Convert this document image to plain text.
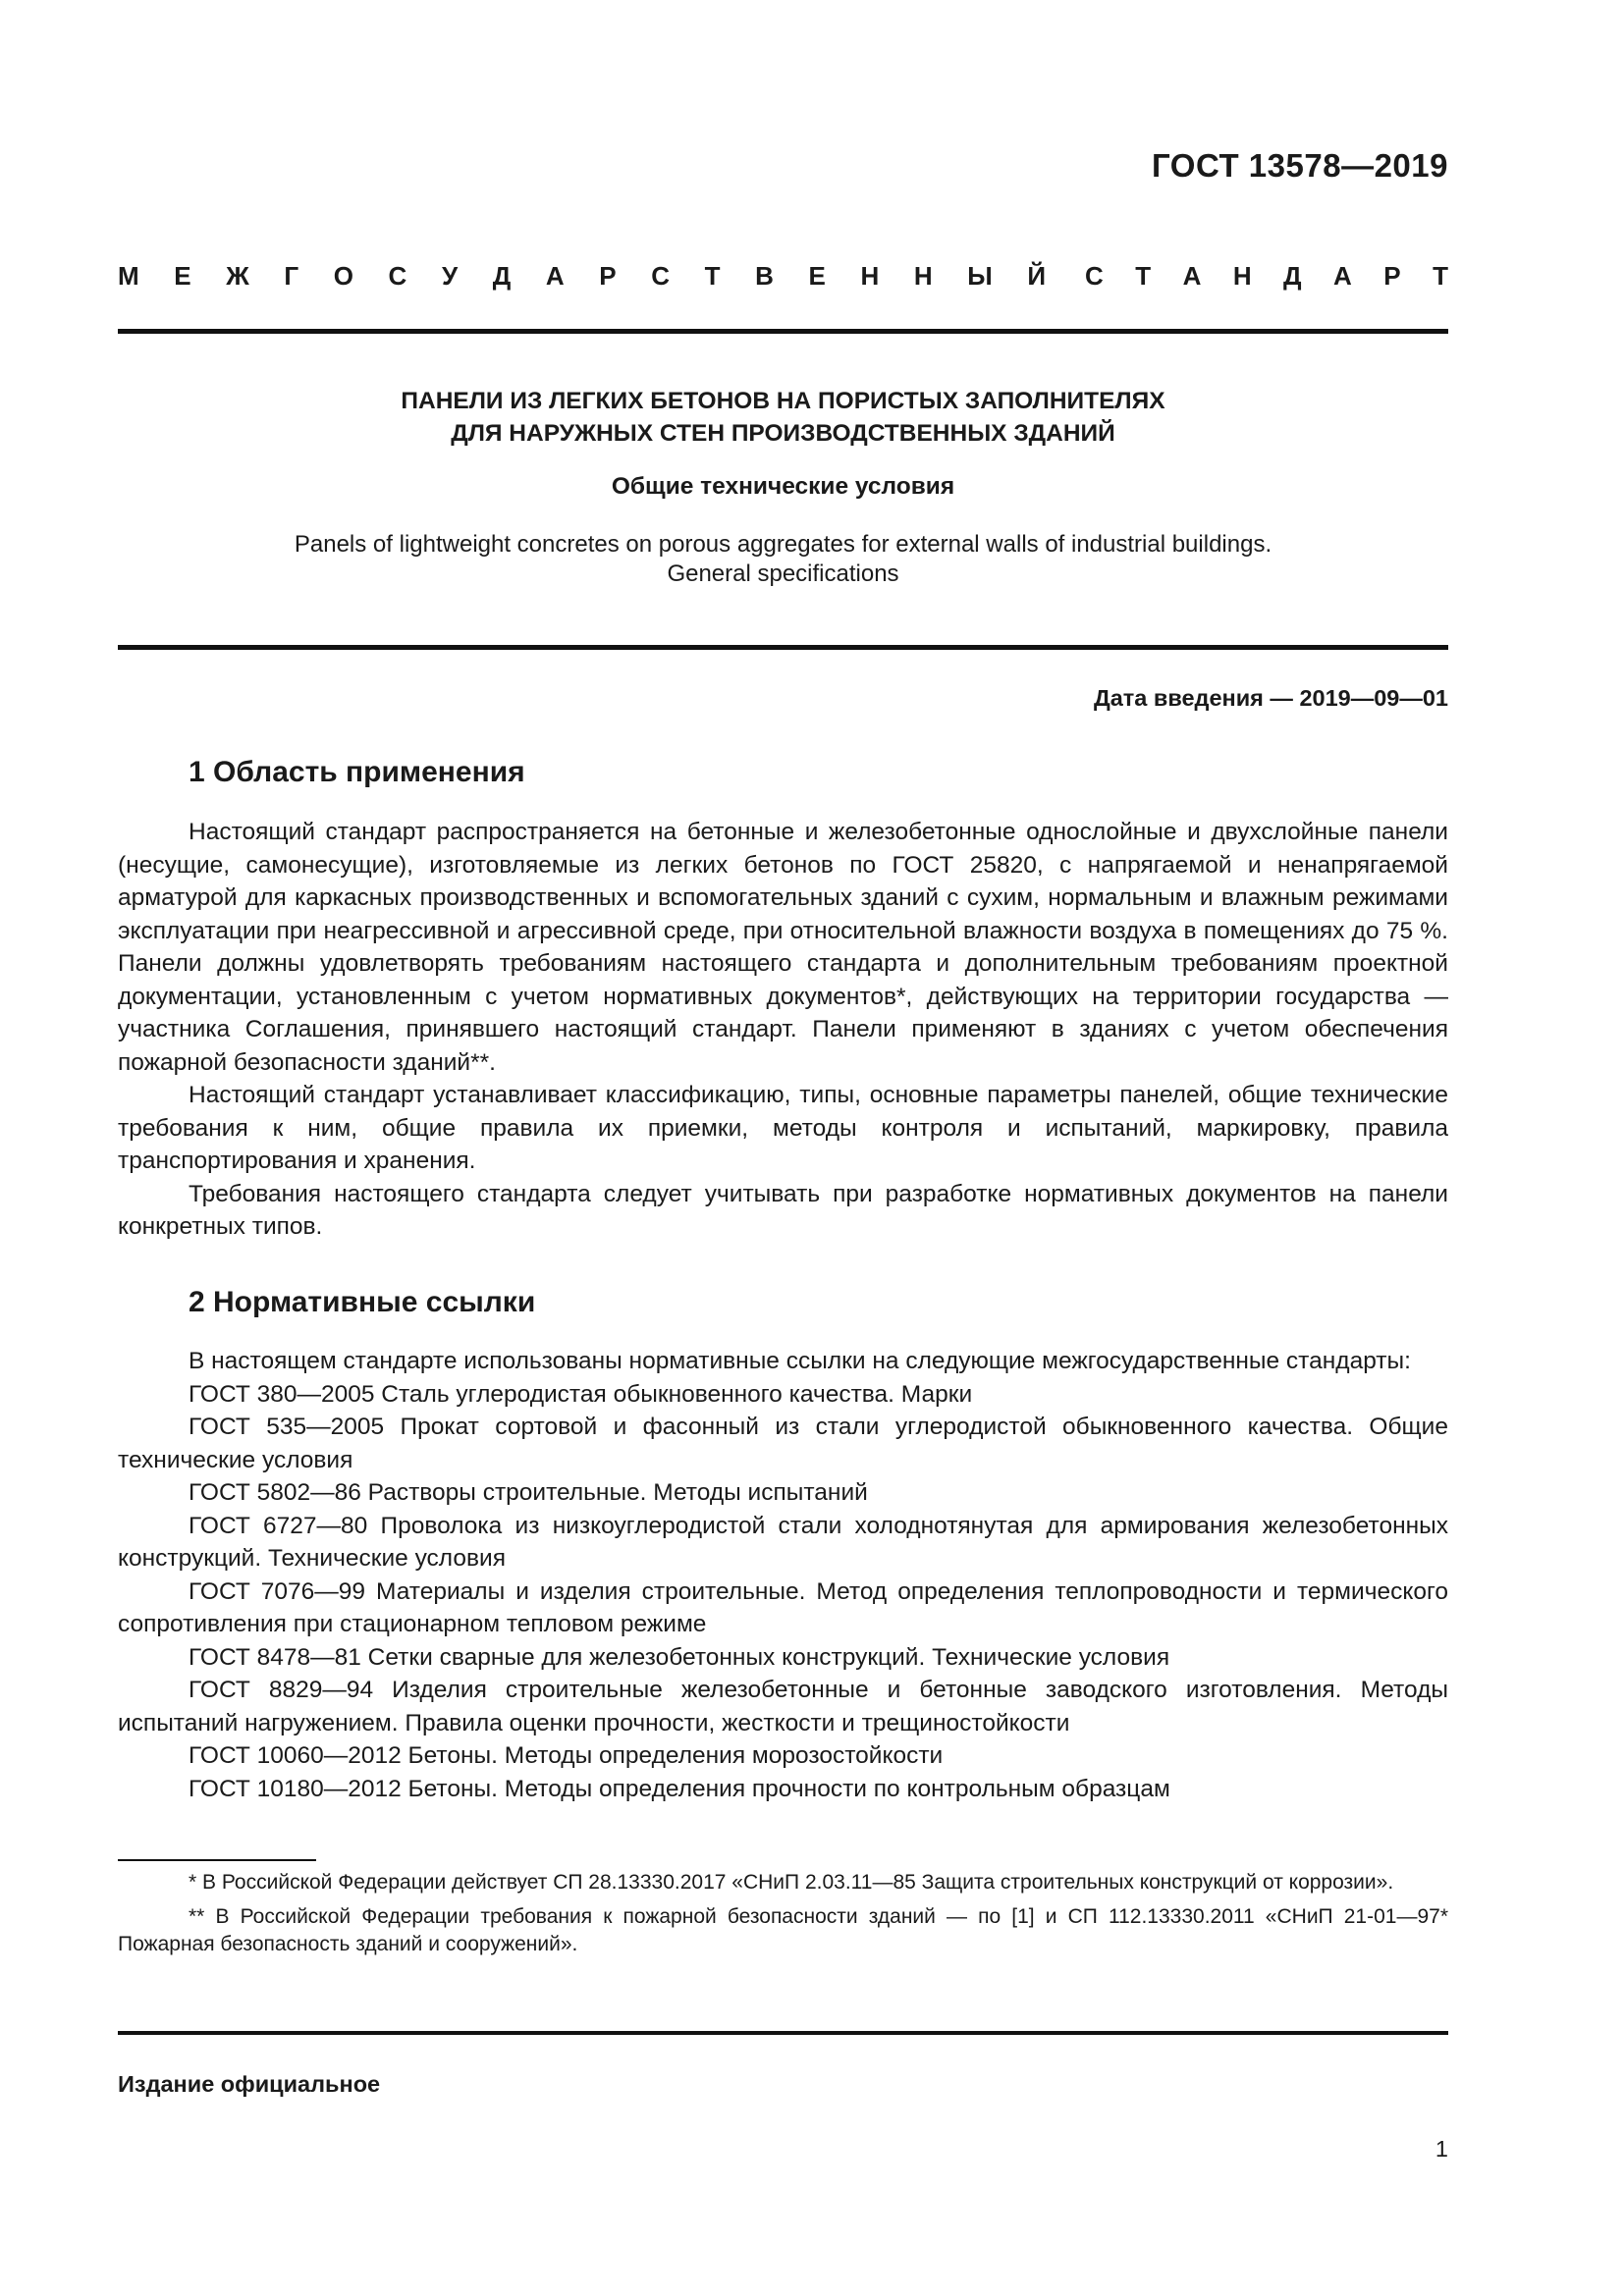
ГОСТ 13578—2019
М Е Ж Г О С У Д А Р С Т В Е Н Н Ы Й С Т А Н Д А Р Т
ПАНЕЛИ ИЗ ЛЕГКИХ БЕТОНОВ НА ПОРИСТЫХ ЗАПОЛНИТЕЛЯХ
ДЛЯ НАРУЖНЫХ СТЕН ПРОИЗВОДСТВЕННЫХ ЗДАНИЙ
Общие технические условия
Panels of lightweight concretes on porous aggregates for external walls of industrial buildings.
General specifications
Дата введения — 2019—09—01
1 Область применения

Настоящий стандарт распространяется на бетонные и железобетонные однослойные и двухслойные панели (несущие, самонесущие), изготовляемые из легких бетонов по ГОСТ 25820, с напрягаемой и ненапрягаемой арматурой для каркасных производственных и вспомогательных зданий с сухим, нормальным и влажным режимами эксплуатации при неагрессивной и агрессивной среде, при относительной влажности воздуха в помещениях до 75 %. Панели должны удовлетворять требованиям настоящего стандарта и дополнительным требованиям проектной документации, установленным с учетом нормативных документов*, действующих на территории государства — участника Соглашения, принявшего настоящий стандарт. Панели применяют в зданиях с учетом обеспечения пожарной безопасности зданий**.

Настоящий стандарт устанавливает классификацию, типы, основные параметры панелей, общие технические требования к ним, общие правила их приемки, методы контроля и испытаний, маркировку, правила транспортирования и хранения.

Требования настоящего стандарта следует учитывать при разработке нормативных документов на панели конкретных типов.

2 Нормативные ссылки

В настоящем стандарте использованы нормативные ссылки на следующие межгосударственные стандарты:

ГОСТ 380—2005 Сталь углеродистая обыкновенного качества. Марки

ГОСТ 535—2005 Прокат сортовой и фасонный из стали углеродистой обыкновенного качества. Общие технические условия

ГОСТ 5802—86 Растворы строительные. Методы испытаний

ГОСТ 6727—80 Проволока из низкоуглеродистой стали холоднотянутая для армирования железобетонных конструкций. Технические условия

ГОСТ 7076—99 Материалы и изделия строительные. Метод определения теплопроводности и термического сопротивления при стационарном тепловом режиме

ГОСТ 8478—81 Сетки сварные для железобетонных конструкций. Технические условия

ГОСТ 8829—94 Изделия строительные железобетонные и бетонные заводского изготовления. Методы испытаний нагружением. Правила оценки прочности, жесткости и трещиностойкости

ГОСТ 10060—2012 Бетоны. Методы определения морозостойкости

ГОСТ 10180—2012 Бетоны. Методы определения прочности по контрольным образцам

* В Российской Федерации действует СП 28.13330.2017 «СНиП 2.03.11—85 Защита строительных конструкций от коррозии».

** В Российской Федерации требования к пожарной безопасности зданий — по [1] и СП 112.13330.2011 «СНиП 21-01—97* Пожарная безопасность зданий и сооружений».

Издание официальное
1
